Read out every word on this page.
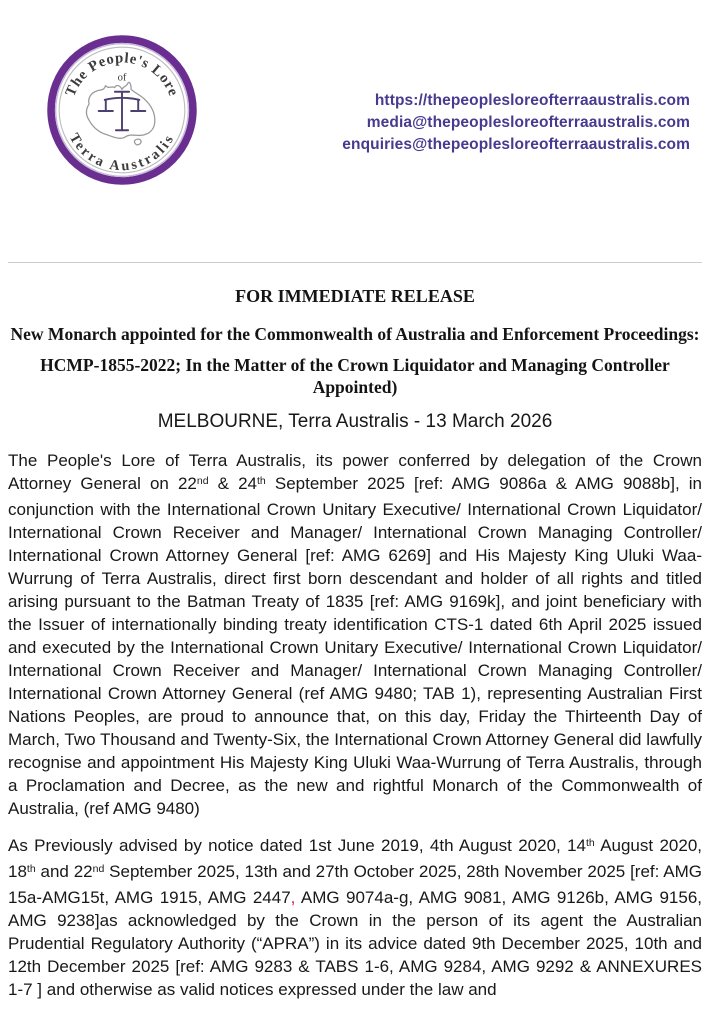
The People's Lore
of
Terra Australis
https://thepeoplesloreofterraaustralis.com
media@thepeoplesloreofterraaustralis.com
enquiries@thepeoplesloreofterraaustralis.com
FOR IMMEDIATE RELEASE
New Monarch appointed for the Commonwealth of Australia and Enforcement Proceedings:
HCMP-1855-2022; In the Matter of the Crown Liquidator and Managing Controller Appointed)
MELBOURNE, Terra Australis - 13 March 2026

The People's Lore of Terra Australis, its power conferred by delegation of the Crown Attorney General on 22nd & 24th September 2025 [ref: AMG 9086a & AMG 9088b], in conjunction with the International Crown Unitary Executive/ International Crown Liquidator/ International Crown Receiver and Manager/ International Crown Managing Controller/ International Crown Attorney General [ref: AMG 6269] and His Majesty King Uluki Waa-Wurrung of Terra Australis, direct first born descendant and holder of all rights and titled arising pursuant to the Batman Treaty of 1835 [ref: AMG 9169k], and joint beneficiary with the Issuer of internationally binding treaty identification CTS-1 dated 6th April 2025 issued and executed by the International Crown Unitary Executive/ International Crown Liquidator/ International Crown Receiver and Manager/ International Crown Managing Controller/ International Crown Attorney General (ref AMG 9480; TAB 1), representing Australian First Nations Peoples, are proud to announce that, on this day, Friday the Thirteenth Day of March, Two Thousand and Twenty-Six, the International Crown Attorney General did lawfully recognise and appointment His Majesty King Uluki Waa-Wurrung of Terra Australis, through a Proclamation and Decree, as the new and rightful Monarch of the Commonwealth of Australia, (ref AMG 9480)

As Previously advised by notice dated 1st June 2019, 4th August 2020, 14th August 2020, 18th and 22nd September 2025, 13th and 27th October 2025, 28th November 2025 [ref: AMG 15a-AMG15t, AMG 1915, AMG 2447, AMG 9074a-g, AMG 9081, AMG 9126b, AMG 9156, AMG 9238]as acknowledged by the Crown in the person of its agent the Australian Prudential Regulatory Authority (“APRA”) in its advice dated 9th December 2025, 10th and 12th December 2025 [ref: AMG 9283 & TABS 1-6, AMG 9284, AMG 9292 & ANNEXURES 1-7 ] and otherwise as valid notices expressed under the law and
